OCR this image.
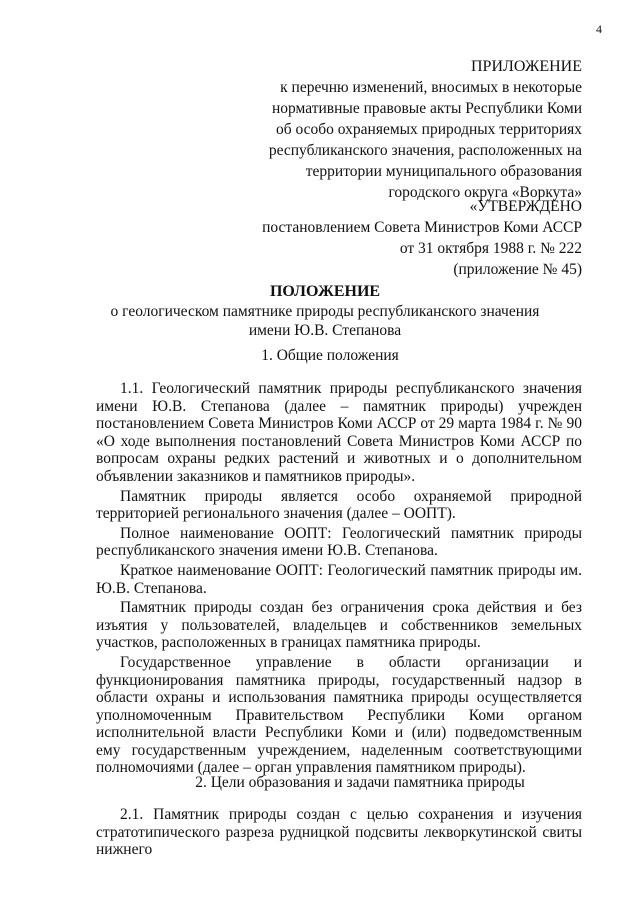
4
ПРИЛОЖЕНИЕ
к перечню изменений, вносимых в некоторые
нормативные правовые акты Республики Коми
об особо охраняемых природных территориях
республиканского значения, расположенных на
территории муниципального образования
городского округа «Воркута»
«УТВЕРЖДЕНО
постановлением Совета Министров Коми АССР
от 31 октября 1988 г. № 222
(приложение № 45)
ПОЛОЖЕНИЕ
о геологическом памятнике природы республиканского значения
имени Ю.В. Степанова
1. Общие положения

1.1. Геологический памятник природы республиканского значения имени Ю.В. Степанова (далее – памятник природы) учрежден постановлением Совета Министров Коми АССР от 29 марта 1984 г. № 90 «О ходе выполнения постановлений Совета Министров Коми АССР по вопросам охраны редких растений и животных и о дополнительном объявлении заказников и памятников природы».

Памятник природы является особо охраняемой природной территорией регионального значения (далее – ООПТ).

Полное наименование ООПТ: Геологический памятник природы республиканского значения имени Ю.В. Степанова.

Краткое наименование ООПТ: Геологический памятник природы им. Ю.В. Степанова.

Памятник природы создан без ограничения срока действия и без изъятия у пользователей, владельцев и собственников земельных участков, расположенных в границах памятника природы.

Государственное управление в области организации и функционирования памятника природы, государственный надзор в области охраны и использования памятника природы осуществляется уполномоченным Правительством Республики Коми органом исполнительной власти Республики Коми и (или) подведомственным ему государственным учреждением, наделенным соответствующими полномочиями (далее – орган управления памятником природы).

2. Цели образования и задачи памятника природы

2.1. Памятник природы создан с целью сохранения и изучения стратотипического разреза рудницкой подсвиты лекворкутинской свиты нижнего
